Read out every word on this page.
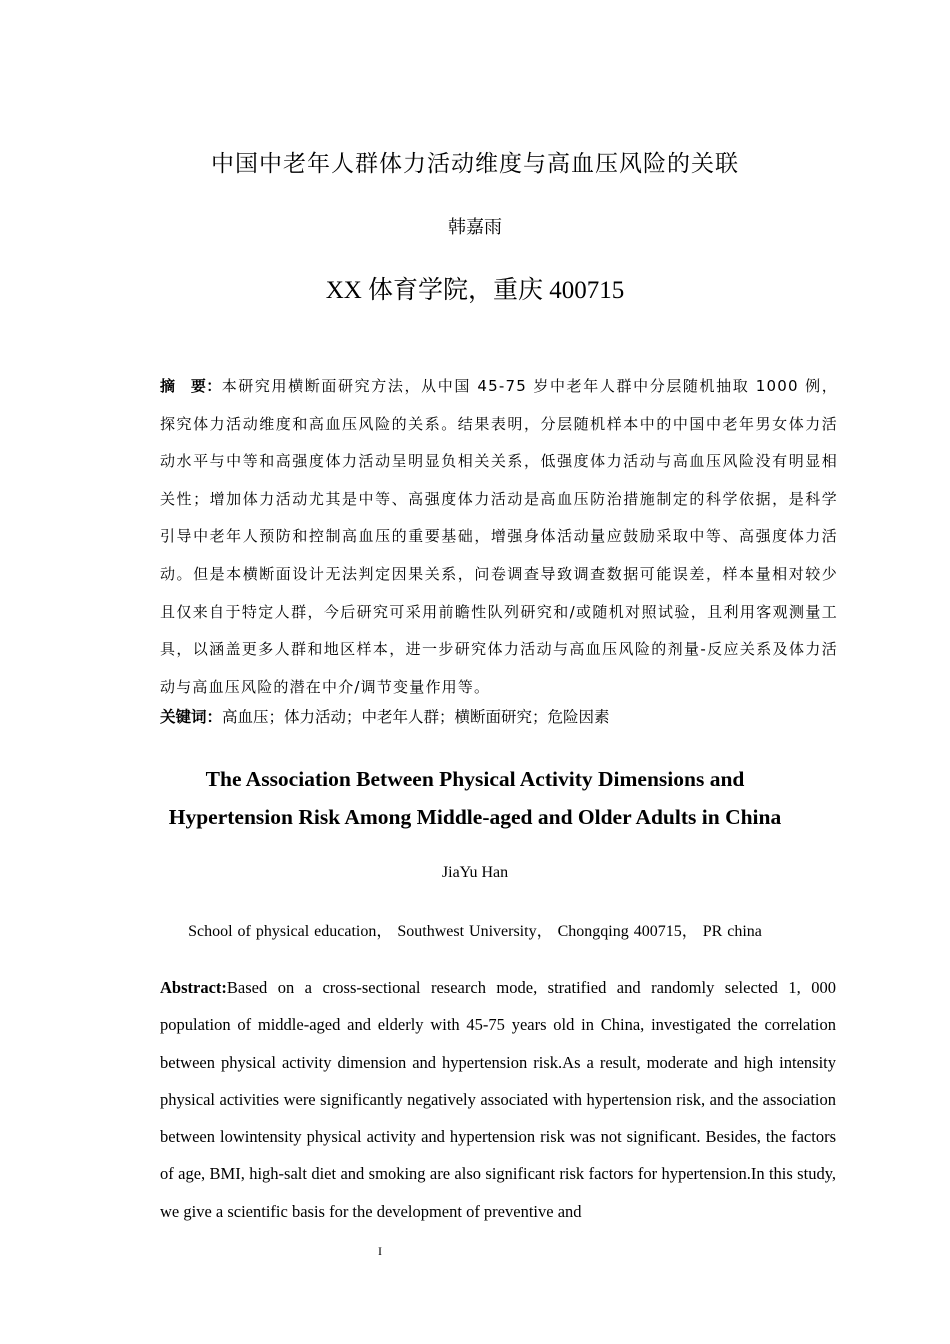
中国中老年人群体力活动维度与高血压风险的关联
韩嘉雨
XX 体育学院，重庆 400715
摘　要：本研究用横断面研究方法，从中国 45-75 岁中老年人群中分层随机抽取 1000 例，探究体力活动维度和高血压风险的关系。结果表明，分层随机样本中的中国中老年男女体力活动水平与中等和高强度体力活动呈明显负相关关系，低强度体力活动与高血压风险没有明显相关性；增加体力活动尤其是中等、高强度体力活动是高血压防治措施制定的科学依据，是科学引导中老年人预防和控制高血压的重要基础，增强身体活动量应鼓励采取中等、高强度体力活动。但是本横断面设计无法判定因果关系，问卷调查导致调查数据可能误差，样本量相对较少且仅来自于特定人群，今后研究可采用前瞻性队列研究和/或随机对照试验，且利用客观测量工具，以涵盖更多人群和地区样本，进一步研究体力活动与高血压风险的剂量-反应关系及体力活动与高血压风险的潜在中介/调节变量作用等。
关键词：高血压；体力活动；中老年人群；横断面研究；危险因素
The Association Between Physical Activity Dimensions and
Hypertension Risk Among Middle-aged and Older Adults in China
JiaYu Han
School of physical education， Southwest University， Chongqing 400715， PR china
Abstract:Based on a cross-sectional research mode, stratified and randomly selected 1, 000 population of middle-aged and elderly with 45-75 years old in China, investigated the correlation between physical activity dimension and hypertension risk.As a result, moderate and high intensity physical activities were significantly negatively associated with hypertension risk, and the association between lowintensity physical activity and hypertension risk was not significant. Besides, the factors of age, BMI, high-salt diet and smoking are also significant risk factors for hypertension.In this study, we give a scientific basis for the development of preventive and
I
